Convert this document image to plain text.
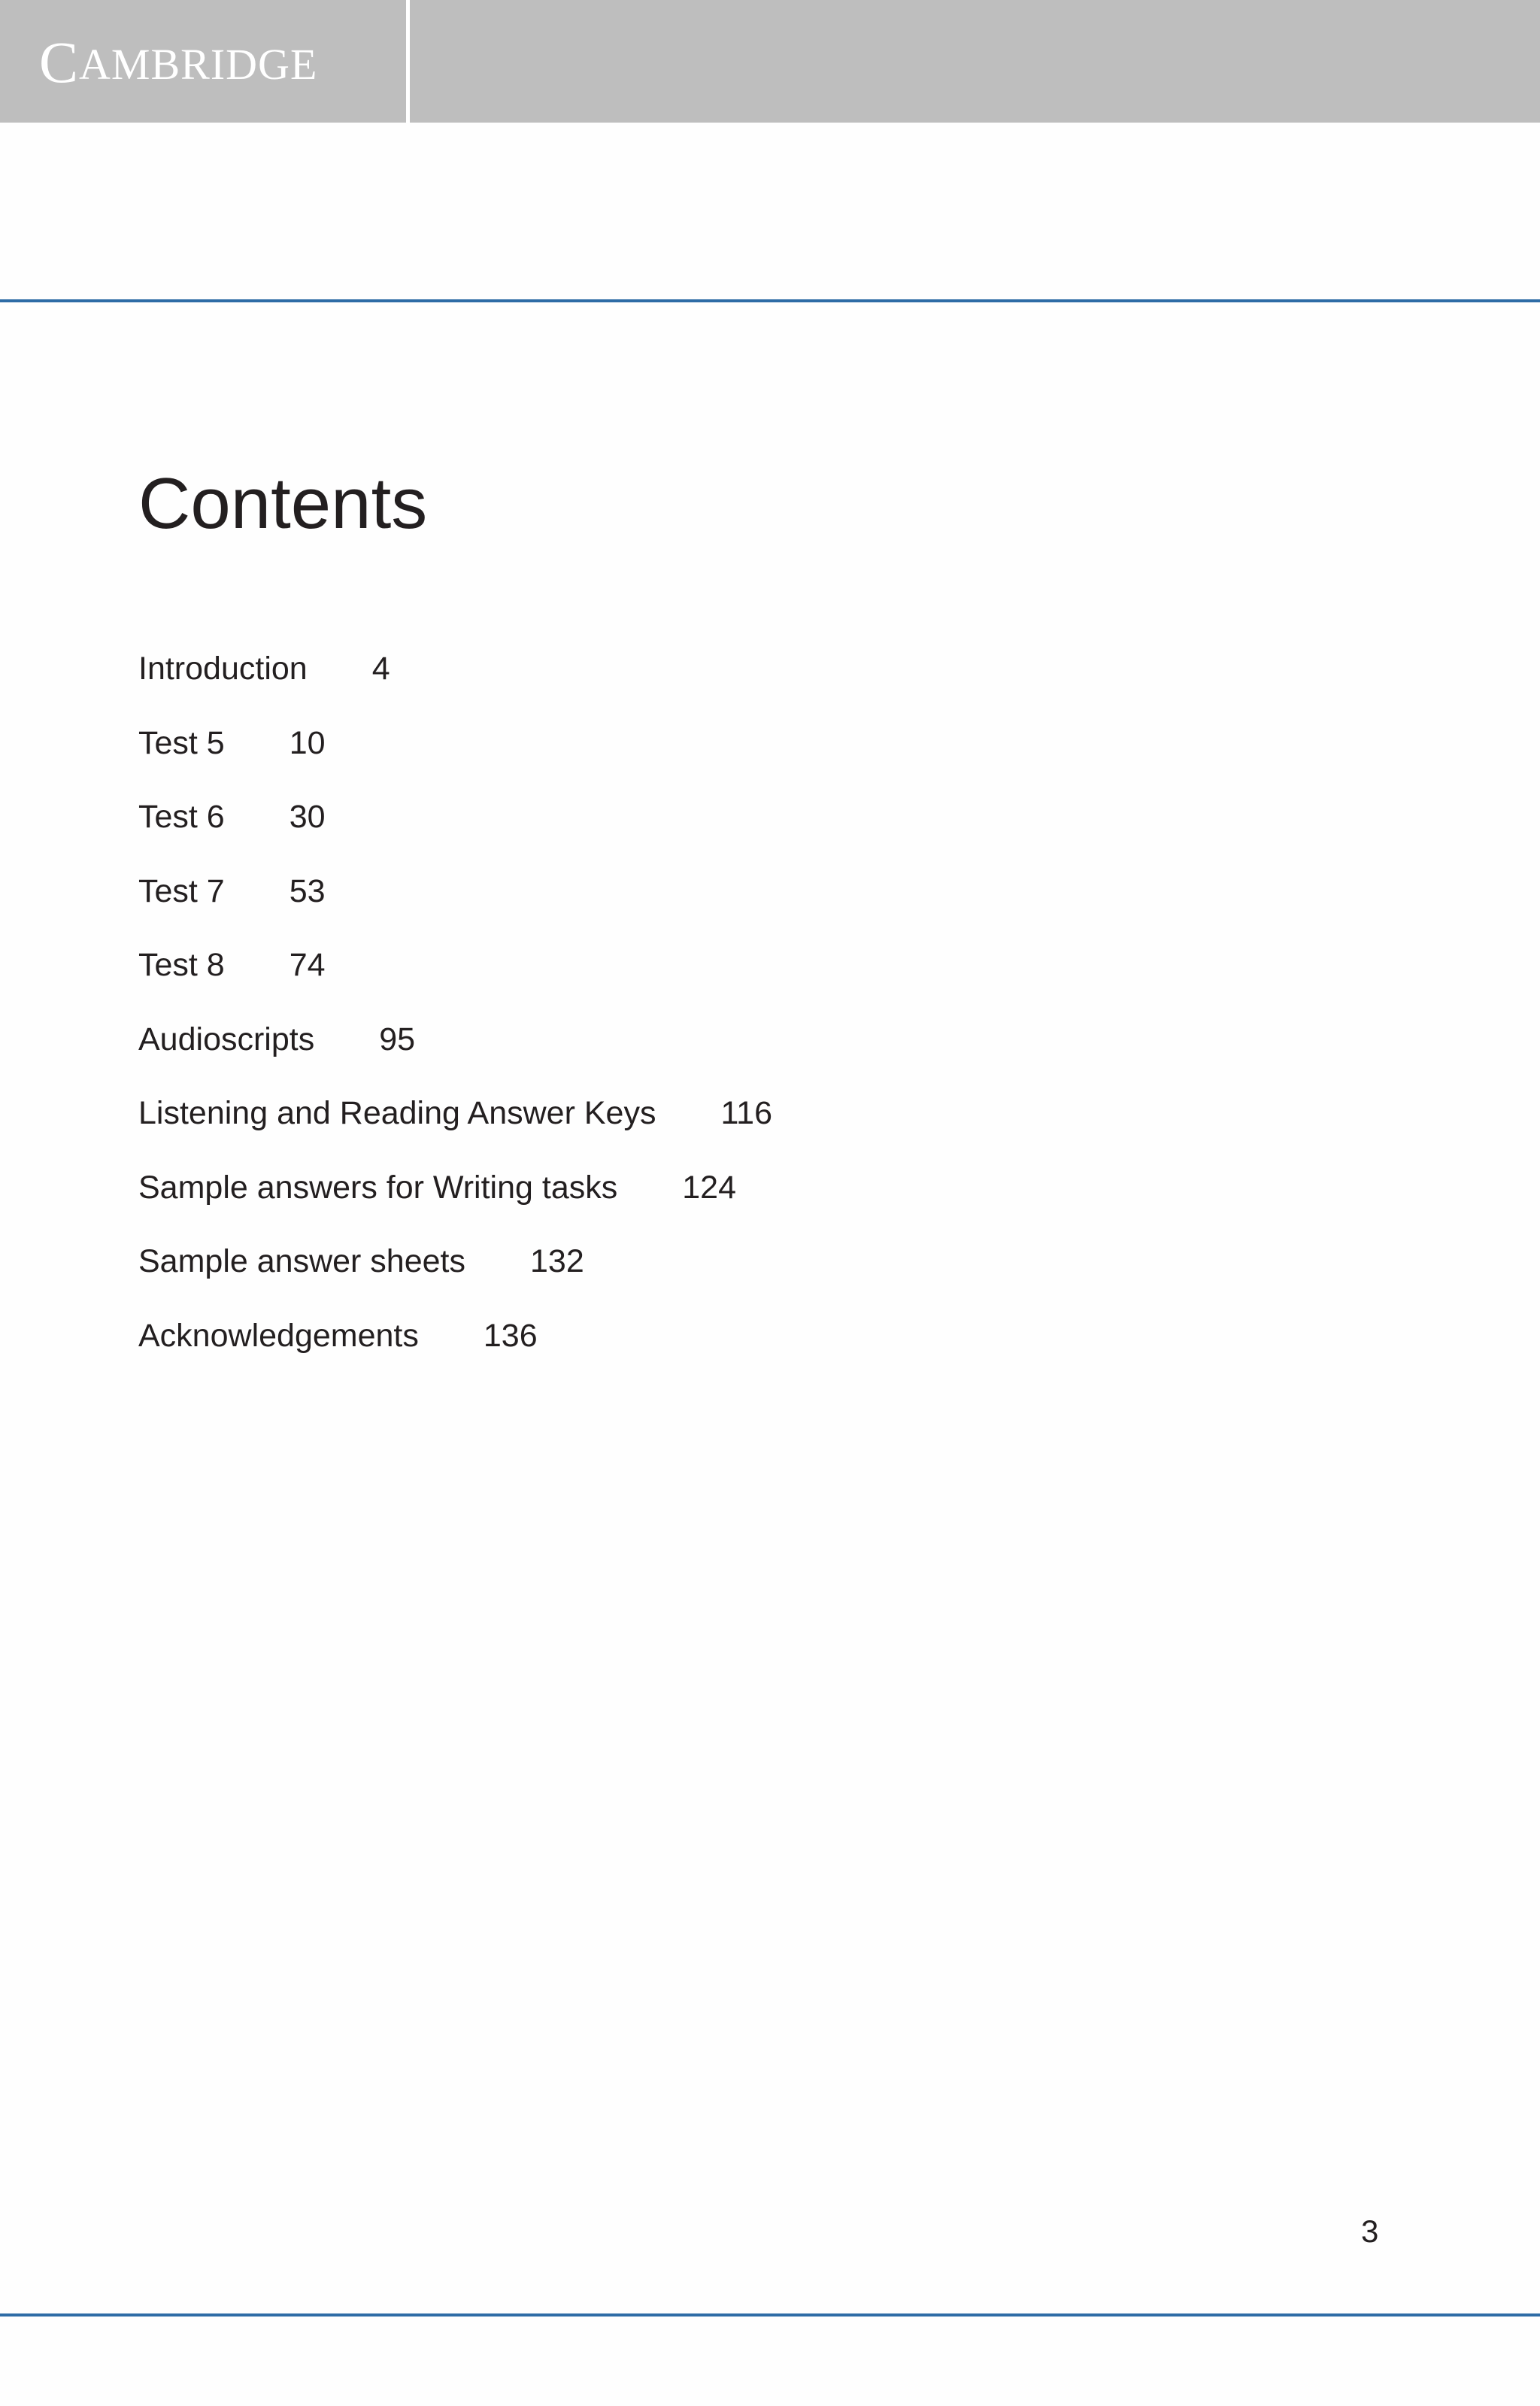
C AMBRIDGE
Contents
Introduction 4
Test 5 10
Test 6 30
Test 7 53
Test 8 74
Audioscripts 95
Listening and Reading Answer Keys 116
Sample answers for Writing tasks 124
Sample answer sheets 132
Acknowledgements 136
3
